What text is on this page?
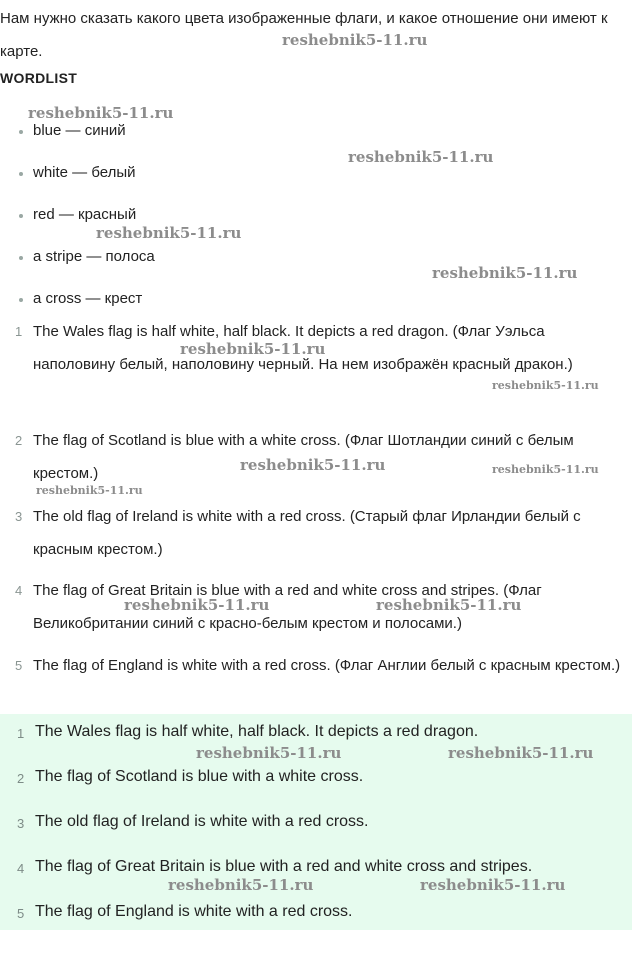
Нам нужно сказать какого цвета изображенные флаги, и какое отношение они имеют к карте.
WORDLIST
blue — синий
white — белый
red — красный
a stripe — полоса
a cross — крест
1 The Wales flag is half white, half black. It depicts a red dragon. (Флаг Уэльса наполовину белый, наполовину черный. На нем изображён красный дракон.)
2 The flag of Scotland is blue with a white cross. (Флаг Шотландии синий с белым крестом.)
3 The old flag of Ireland is white with a red cross. (Старый флаг Ирландии белый с красным крестом.)
4 The flag of Great Britain is blue with a red and white cross and stripes. (Флаг Великобритании синий с красно-белым крестом и полосами.)
5 The flag of England is white with a red cross. (Флаг Англии белый с красным крестом.)
1 The Wales flag is half white, half black. It depicts a red dragon.
2 The flag of Scotland is blue with a white cross.
3 The old flag of Ireland is white with a red cross.
4 The flag of Great Britain is blue with a red and white cross and stripes.
5 The flag of England is white with a red cross.
reshebnik5-11.ru
reshebnik5-11.ru
reshebnik5-11.ru
reshebnik5-11.ru
reshebnik5-11.ru
reshebnik5-11.ru
reshebnik5-11.ru
reshebnik5-11.ru	reshebnik5-11.ru
reshebnik5-11.ru
reshebnik5-11.ru	reshebnik5-11.ru
reshebnik5-11.ru	reshebnik5-11.ru
reshebnik5-11.ru	reshebnik5-11.ru
